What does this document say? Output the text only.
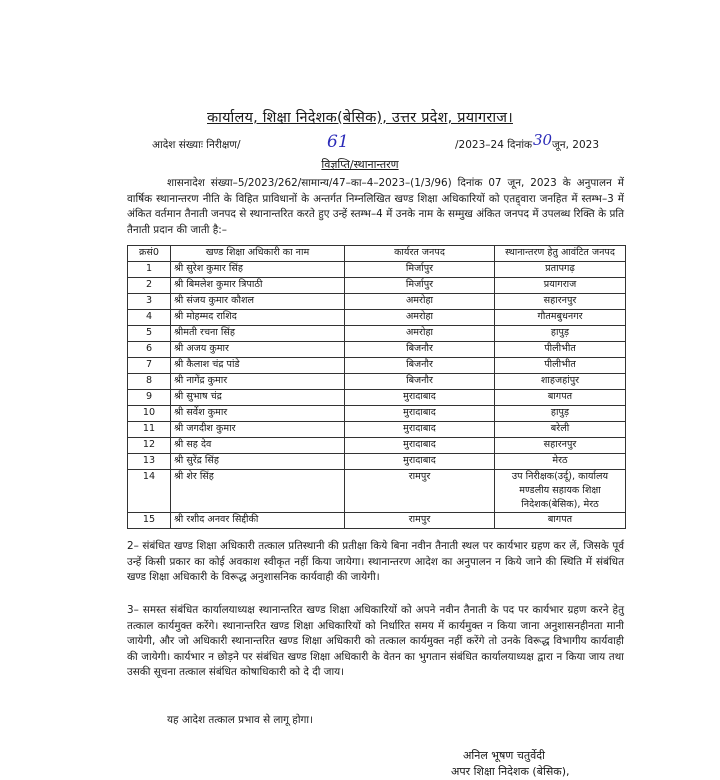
कार्यालय, शिक्षा निदेशक(बेसिक), उत्तर प्रदेश, प्रयागराज।
आदेश संख्याः निरीक्षण/	61	/2023–24 दिनांक 30 जून, 2023
विज्ञप्ति/स्थानान्तरण
शासनादेश संख्या–5/2023/262/सामान्य/47–का–4–2023–(1/3/96) दिनांक 07 जून, 2023 के अनुपालन में वार्षिक स्थानान्तरण नीति के विहित प्राविधानों के अन्तर्गत निम्नलिखित खण्ड शिक्षा अधिकारियों को एतद्द्वारा जनहित में स्तम्भ–3 में अंकित वर्तमान तैनाती जनपद से स्थानान्तरित करते हुए उन्हें स्तम्भ–4 में उनके नाम के सम्मुख अंकित जनपद में उपलब्ध रिक्ति के प्रति तैनाती प्रदान की जाती है:–
क्रसं0	खण्ड शिक्षा अधिकारी का नाम	कार्यरत जनपद	स्थानान्तरण हेतु आवंटित जनपद
1	श्री सुरेश कुमार सिंह	मिर्जापुर	प्रतापगढ़
2	श्री बिमलेश कुमार त्रिपाठी	मिर्जापुर	प्रयागराज
3	श्री संजय कुमार कौशल	अमरोहा	सहारनपुर
4	श्री मोहम्मद राशिद	अमरोहा	गौतमबुधनगर
5	श्रीमती रचना सिंह	अमरोहा	हापुड़
6	श्री अजय कुमार	बिजनौर	पीलीभीत
7	श्री कैलाश चंद्र पांडे	बिजनौर	पीलीभीत
8	श्री नागेंद्र कुमार	बिजनौर	शाहजहांपुर
9	श्री सुभाष चंद्र	मुरादाबाद	बागपत
10	श्री सर्वेश कुमार	मुरादाबाद	हापुड़
11	श्री जगदीश कुमार	मुरादाबाद	बरेली
12	श्री सह देव	मुरादाबाद	सहारनपुर
13	श्री सुरेंद्र सिंह	मुरादाबाद	मेरठ
14	श्री शेर सिंह	रामपुर	उप निरीक्षक(उर्दू), कार्यालय मण्डलीय सहायक शिक्षा निदेशक(बेसिक), मेरठ
15	श्री रशीद अनवर सिद्दीकी	रामपुर	बागपत
2– संबंधित खण्ड शिक्षा अधिकारी तत्काल प्रतिस्थानी की प्रतीक्षा किये बिना नवीन तैनाती स्थल पर कार्यभार ग्रहण कर लें, जिसके पूर्व उन्हें किसी प्रकार का कोई अवकाश स्वीकृत नहीं किया जायेगा। स्थानान्तरण आदेश का अनुपालन न किये जाने की स्थिति में संबंधित खण्ड शिक्षा अधिकारी के विरूद्ध अनुशासनिक कार्यवाही की जायेगी।
3– समस्त संबंधित कार्यालयाध्यक्ष स्थानान्तरित खण्ड शिक्षा अधिकारियों को अपने नवीन तैनाती के पद पर कार्यभार ग्रहण करने हेतु तत्काल कार्यमुक्त करेंगे। स्थानान्तरित खण्ड शिक्षा अधिकारियों को निर्धारित समय में कार्यमुक्त न किया जाना अनुशासनहीनता मानी जायेगी, और जो अधिकारी स्थानान्तरित खण्ड शिक्षा अधिकारी को तत्काल कार्यमुक्त नहीं करेंगे तो उनके विरूद्ध विभागीय कार्यवाही की जायेगी। कार्यभार न छोड़ने पर संबंधित खण्ड शिक्षा अधिकारी के वेतन का भुगतान संबंधित कार्यालयाध्यक्ष द्वारा न किया जाय तथा उसकी सूचना तत्काल संबंधित कोषाधिकारी को दे दी जाय।
यह आदेश तत्काल प्रभाव से लागू होगा।
अनिल भूषण चतुर्वेदी
अपर शिक्षा निदेशक (बेसिक),
